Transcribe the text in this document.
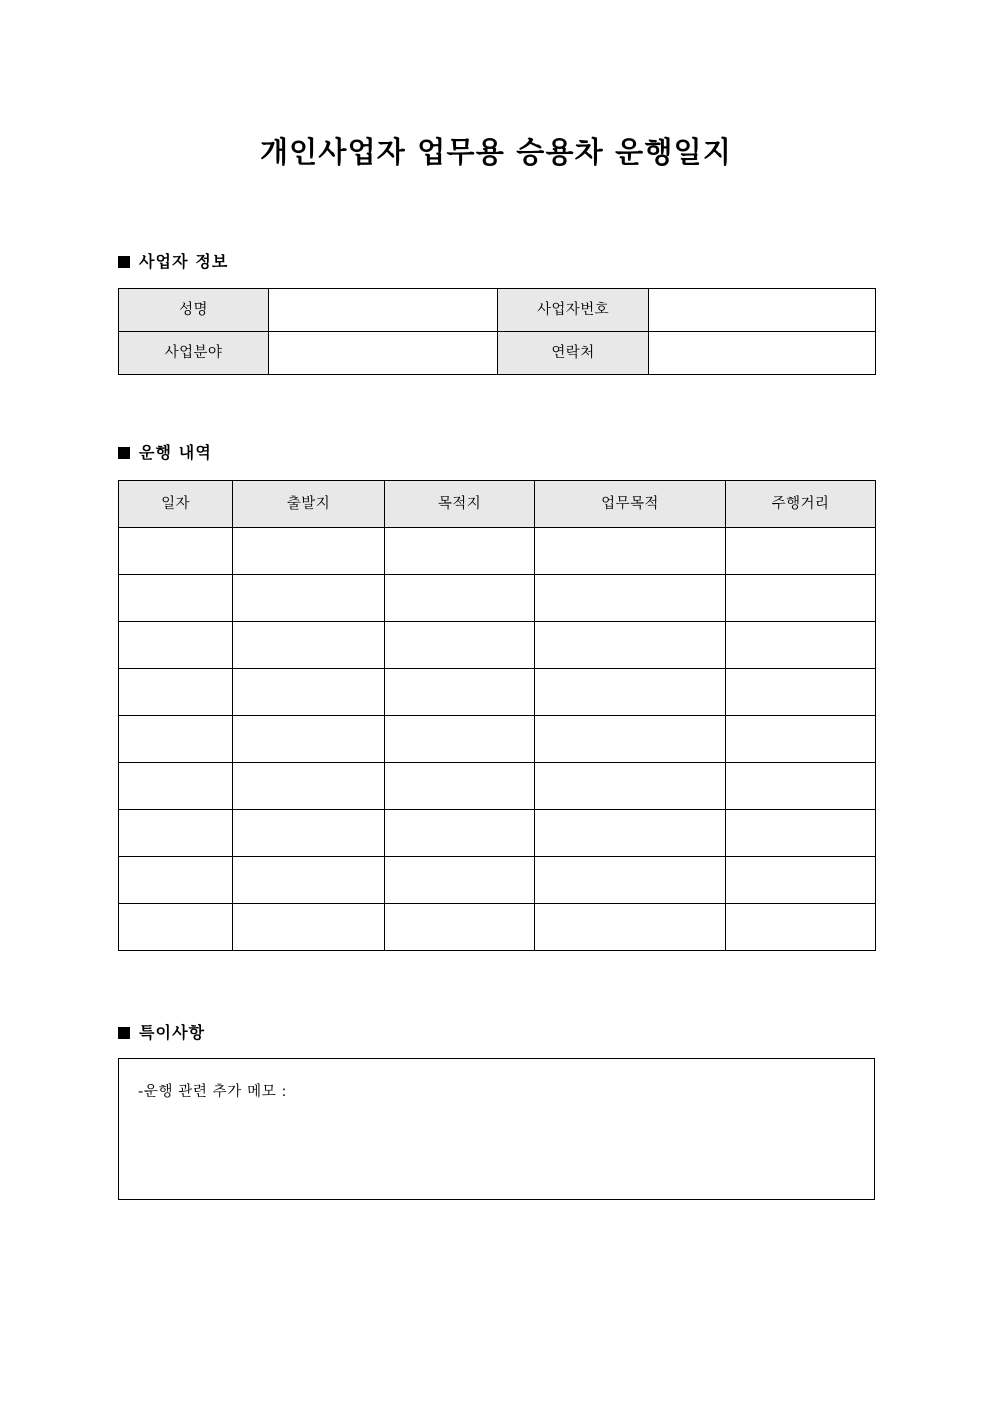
개인사업자 업무용 승용차 운행일지
사업자 정보
성명		사업자번호	
사업분야		연락처	
운행 내역
일자	출발지	목적지	업무목적	주행거리

특이사항
-운행 관련 추가 메모 :
